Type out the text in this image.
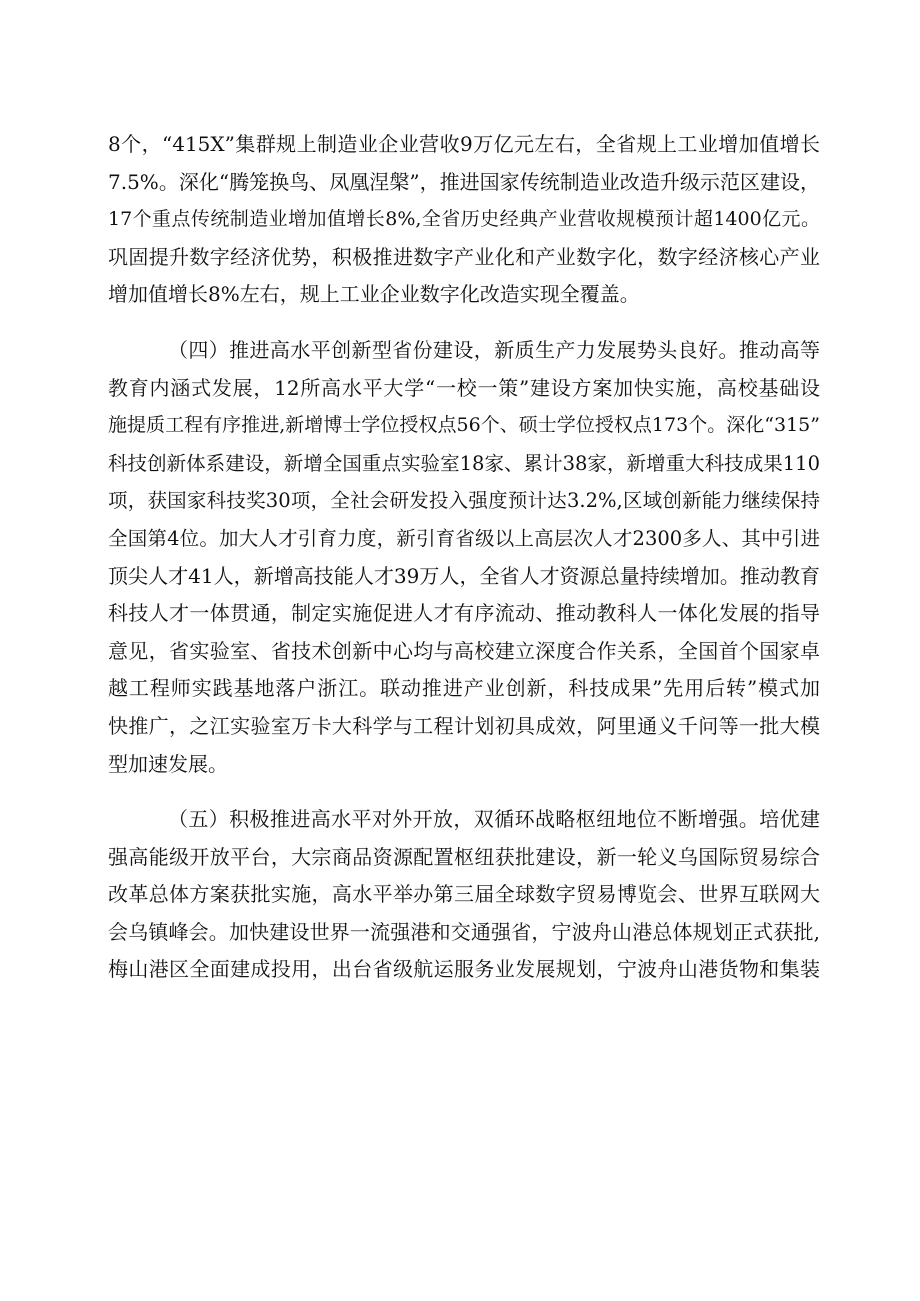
8个，“415X”集群规上制造业企业营收9万亿元左右，全省规上工业增加值增长
7.5%。深化“腾笼换鸟、凤凰涅槃”，推进国家传统制造业改造升级示范区建设，
17个重点传统制造业增加值增长8%,全省历史经典产业营收规模预计超1400亿元。
巩固提升数字经济优势，积极推进数字产业化和产业数字化，数字经济核心产业
增加值增长8%左右，规上工业企业数字化改造实现全覆盖。
（四）推进高水平创新型省份建设，新质生产力发展势头良好。推动高等
教育内涵式发展，12所高水平大学“一校一策”建设方案加快实施，高校基础设
施提质工程有序推进,新增博士学位授权点56个、硕士学位授权点173个。深化“315”
科技创新体系建设，新增全国重点实验室18家、累计38家，新增重大科技成果110
项，获国家科技奖30项，全社会研发投入强度预计达3.2%,区域创新能力继续保持
全国第4位。加大人才引育力度，新引育省级以上高层次人才2300多人、其中引进
顶尖人才41人，新增高技能人才39万人，全省人才资源总量持续增加。推动教育
科技人才一体贯通，制定实施促进人才有序流动、推动教科人一体化发展的指导
意见，省实验室、省技术创新中心均与高校建立深度合作关系，全国首个国家卓
越工程师实践基地落户浙江。联动推进产业创新，科技成果”先用后转”模式加
快推广，之江实验室万卡大科学与工程计划初具成效，阿里通义千问等一批大模
型加速发展。
（五）积极推进高水平对外开放，双循环战略枢纽地位不断增强。培优建
强高能级开放平台，大宗商品资源配置枢纽获批建设，新一轮义乌国际贸易综合
改革总体方案获批实施，高水平举办第三届全球数字贸易博览会、世界互联网大
会乌镇峰会。加快建设世界一流强港和交通强省，宁波舟山港总体规划正式获批,
梅山港区全面建成投用，出台省级航运服务业发展规划，宁波舟山港货物和集装
